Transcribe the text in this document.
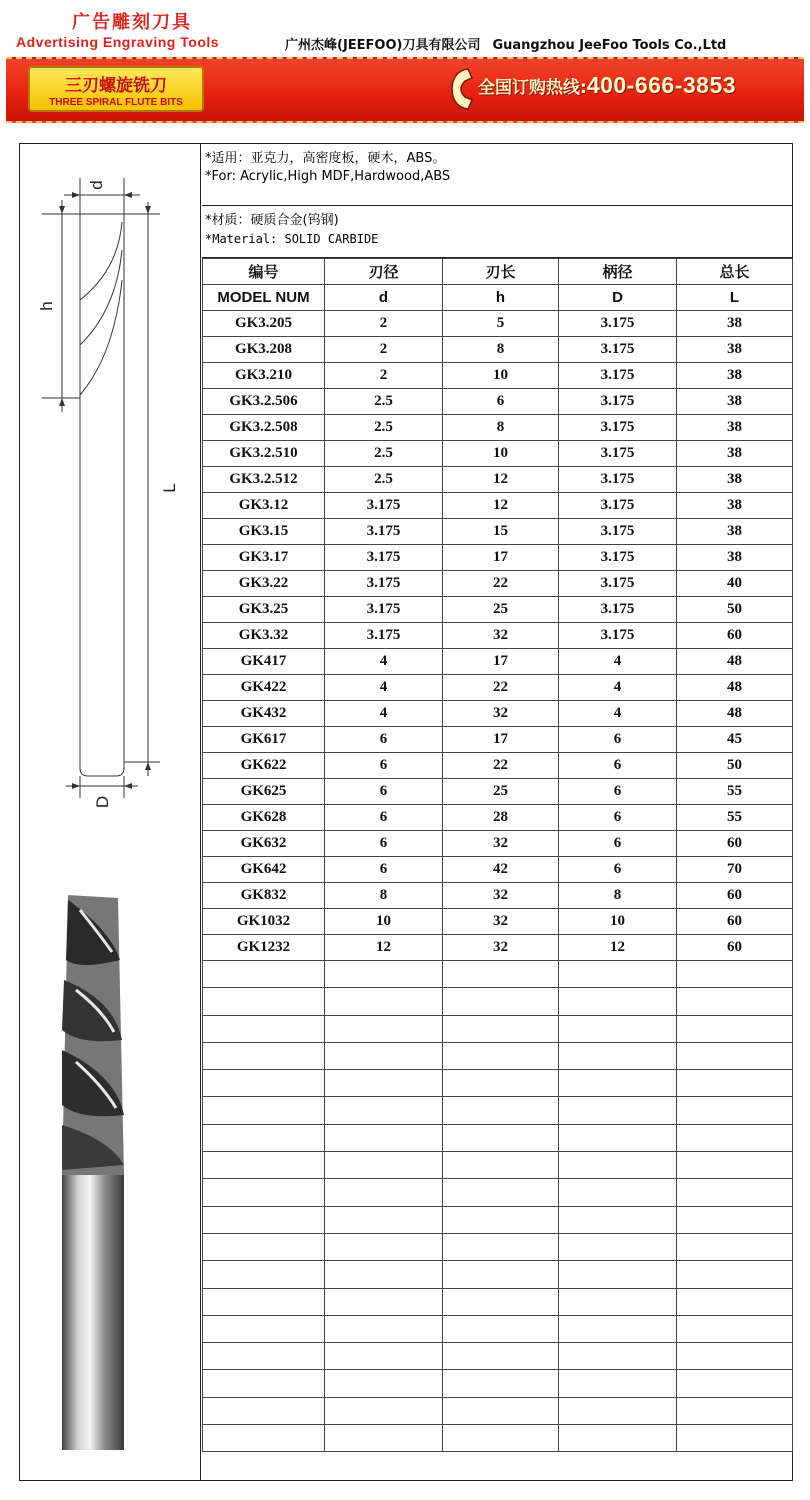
广告雕刻刀具
Advertising Engraving Tools	广州杰峰(JEEFOO)刀具有限公司 Guangzhou JeeFoo Tools Co.,Ltd
三刃螺旋铣刀
THREE SPIRAL FLUTE BITS
全国订购热线:400-666-3853
d
h
L
D
*适用：亚克力，高密度板，硬木，ABS。
*For: Acrylic,High MDF,Hardwood,ABS
*材质：硬质合金(钨钢)
*Material: SOLID CARBIDE
编号	刃径	刃长	柄径	总长
MODEL NUM	d	h	D	L
GK3.205	2	5	3.175	38
GK3.208	2	8	3.175	38
GK3.210	2	10	3.175	38
GK3.2.506	2.5	6	3.175	38
GK3.2.508	2.5	8	3.175	38
GK3.2.510	2.5	10	3.175	38
GK3.2.512	2.5	12	3.175	38
GK3.12	3.175	12	3.175	38
GK3.15	3.175	15	3.175	38
GK3.17	3.175	17	3.175	38
GK3.22	3.175	22	3.175	40
GK3.25	3.175	25	3.175	50
GK3.32	3.175	32	3.175	60
GK417	4	17	4	48
GK422	4	22	4	48
GK432	4	32	4	48
GK617	6	17	6	45
GK622	6	22	6	50
GK625	6	25	6	55
GK628	6	28	6	55
GK632	6	32	6	60
GK642	6	42	6	70
GK832	8	32	8	60
GK1032	10	32	10	60
GK1232	12	32	12	60
